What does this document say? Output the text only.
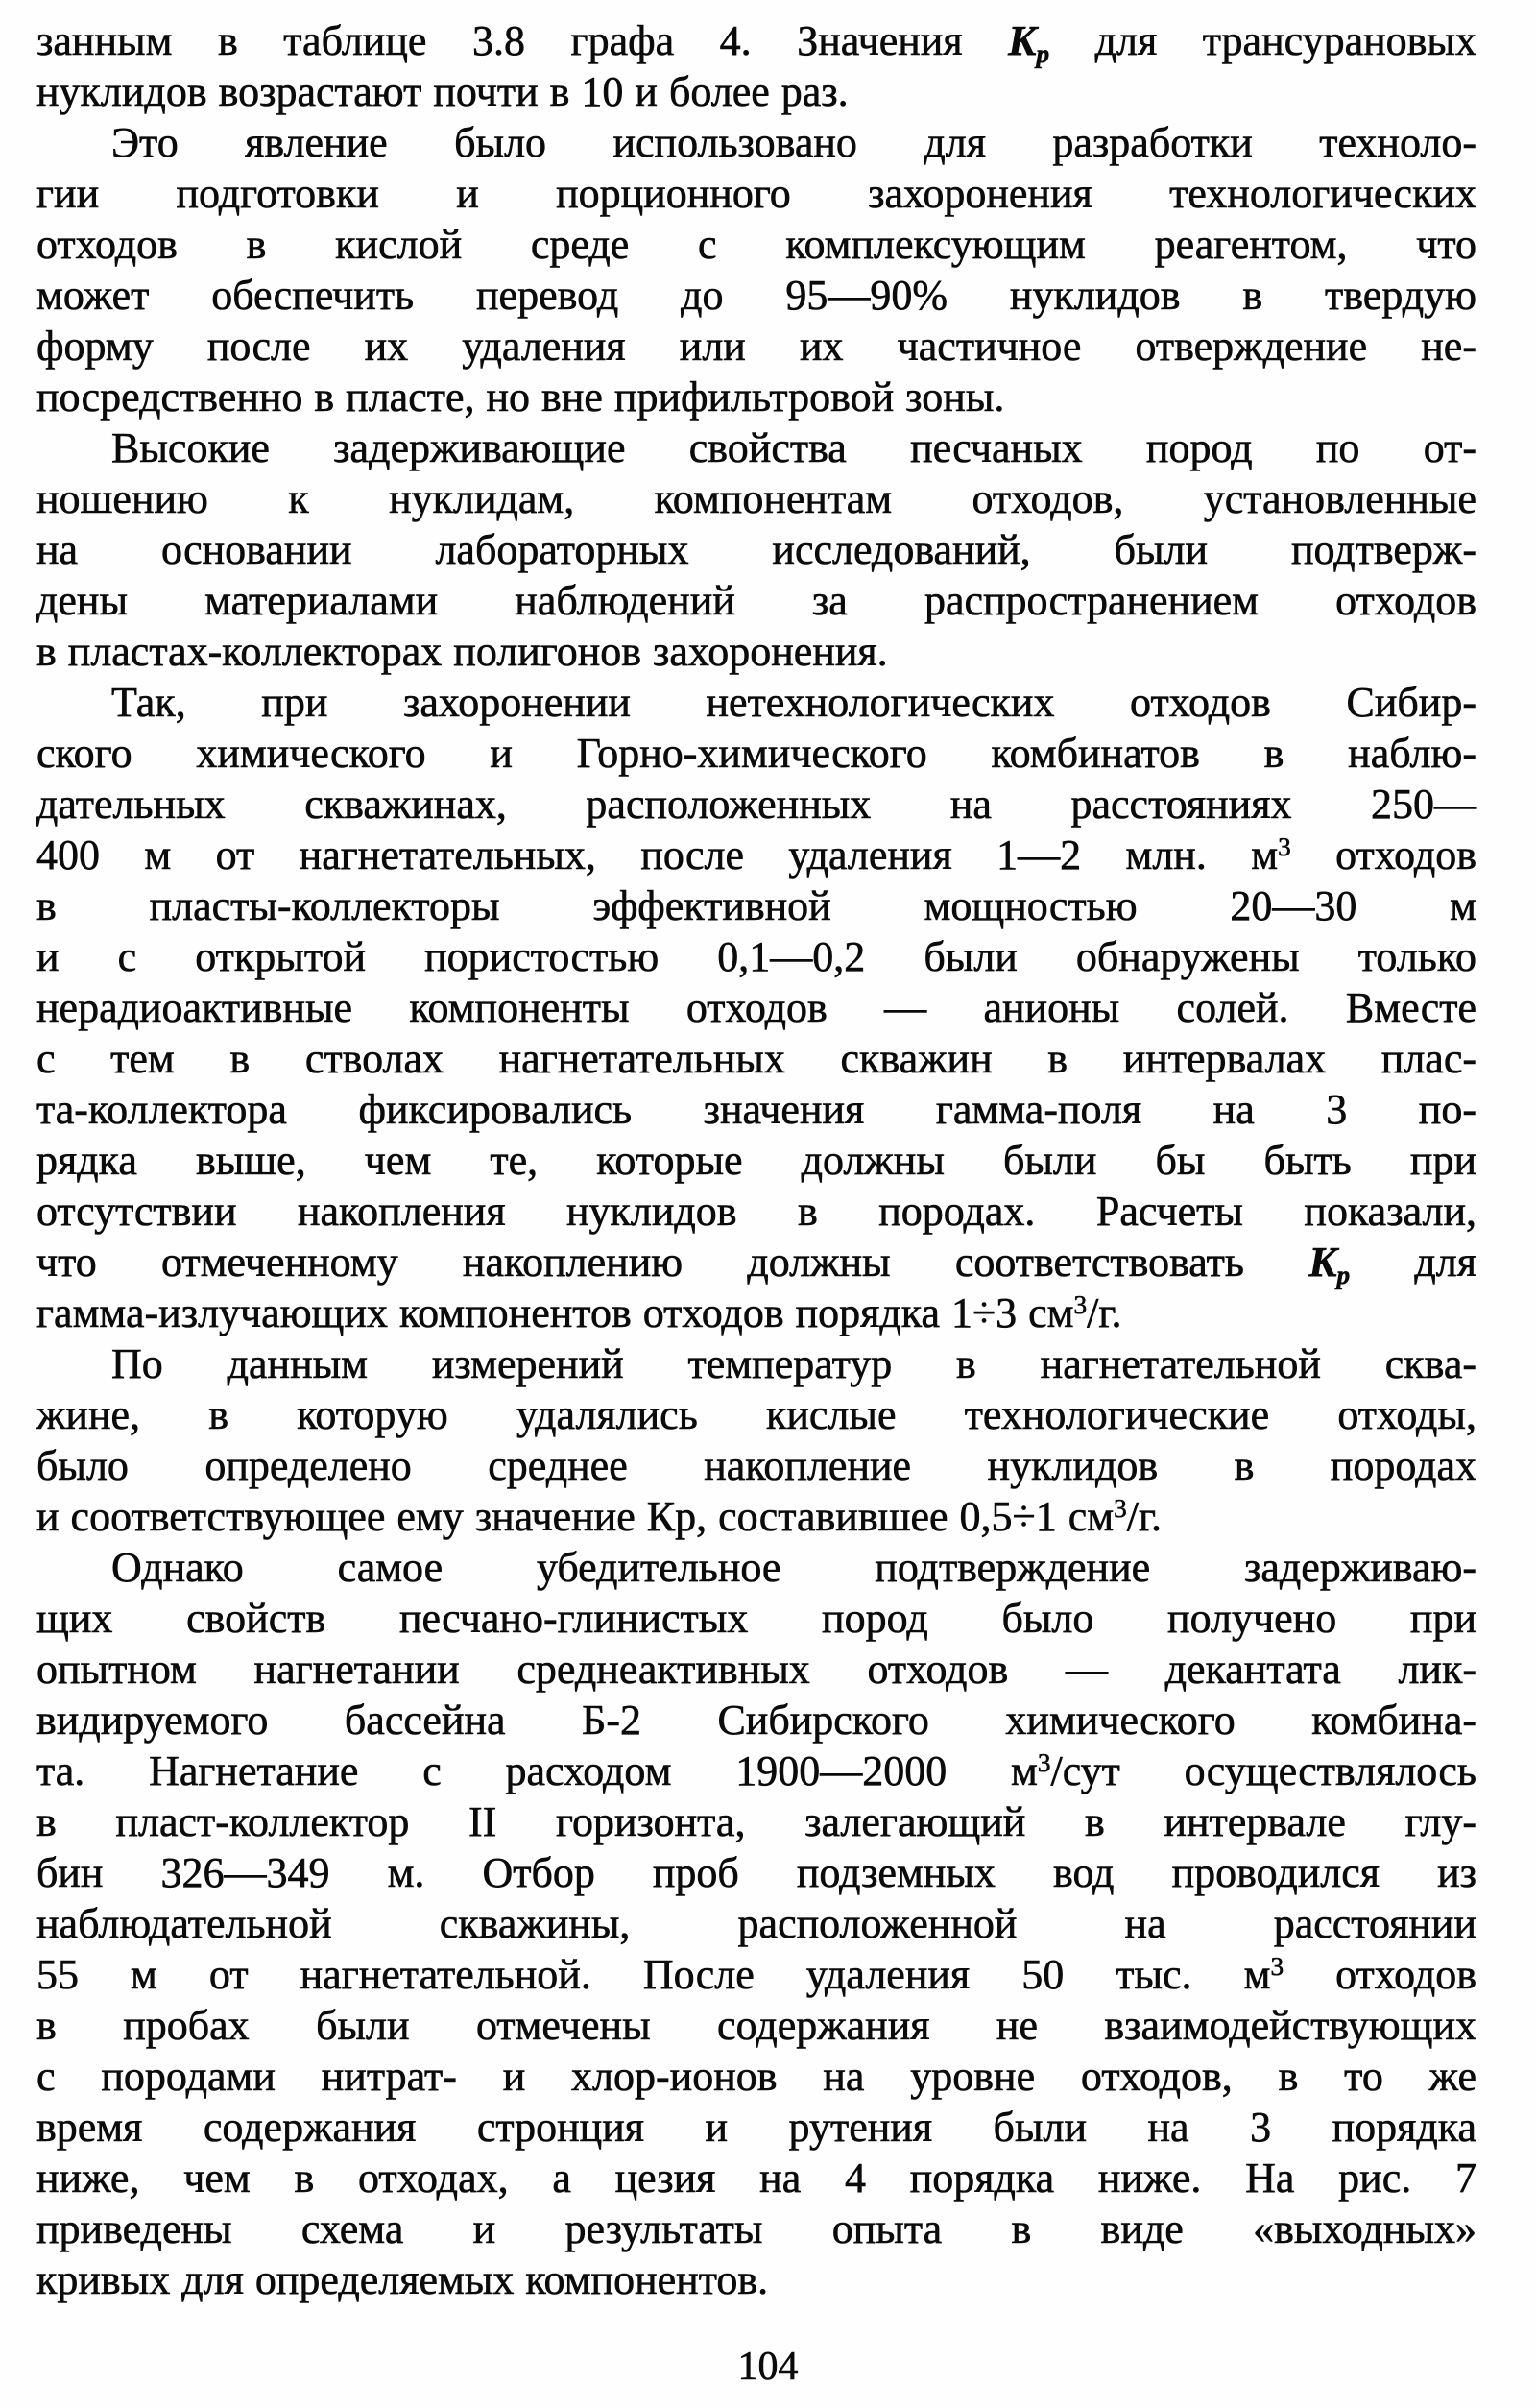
занным в таблице 3.8 графа 4. Значения Kp для трансурановых
нуклидов возрастают почти в 10 и более раз.
Это явление было использовано для разработки техноло-
гии подготовки и порционного захоронения технологических
отходов в кислой среде с комплексующим реагентом, что
может обеспечить перевод до 95—90% нуклидов в твердую
форму после их удаления или их частичное отверждение не-
посредственно в пласте, но вне прифильтровой зоны.
Высокие задерживающие свойства песчаных пород по от-
ношению к нуклидам, компонентам отходов, установленные
на основании лабораторных исследований, были подтверж-
дены материалами наблюдений за распространением отходов
в пластах-коллекторах полигонов захоронения.
Так, при захоронении нетехнологических отходов Сибир-
ского химического и Горно-химического комбинатов в наблю-
дательных скважинах, расположенных на расстояниях 250—
400 м от нагнетательных, после удаления 1—2 млн. $м^3$ отходов
в пласты-коллекторы эффективной мощностью 20—30 м
и с открытой пористостью 0,1—0,2 были обнаружены только
нерадиоактивные компоненты отходов — анионы солей. Вместе
с тем в стволах нагнетательных скважин в интервалах плас-
та-коллектора фиксировались значения гамма-поля на 3 по-
рядка выше, чем те, которые должны были бы быть при
отсутствии накопления нуклидов в породах. Расчеты показали,
что отмеченному накоплению должны соответствовать Kp для
гамма-излучающих компонентов отходов порядка 1÷3 $см^3/г$.
По данным измерений температур в нагнетательной сква-
жине, в которую удалялись кислые технологические отходы,
было определено среднее накопление нуклидов в породах
и соответствующее ему значение Кр, составившее 0,5÷1 $см^3/г$.
Однако самое убедительное подтверждение задерживаю-
щих свойств песчано-глинистых пород было получено при
опытном нагнетании среднеактивных отходов — декантата лик-
видируемого бассейна Б-2 Сибирского химического комбина-
та. Нагнетание с расходом 1900—2000 $м^3$/сут осуществлялось
в пласт-коллектор II горизонта, залегающий в интервале глу-
бин 326—349 м. Отбор проб подземных вод проводился из
наблюдательной скважины, расположенной на расстоянии
55 м от нагнетательной. После удаления 50 тыс. $м^3$ отходов
в пробах были отмечены содержания не взаимодействующих
с породами нитрат- и хлор-ионов на уровне отходов, в то же
время содержания стронция и рутения были на 3 порядка
ниже, чем в отходах, а цезия на 4 порядка ниже. На рис. 7
приведены схема и результаты опыта в виде «выходных»
кривых для определяемых компонентов.
104
